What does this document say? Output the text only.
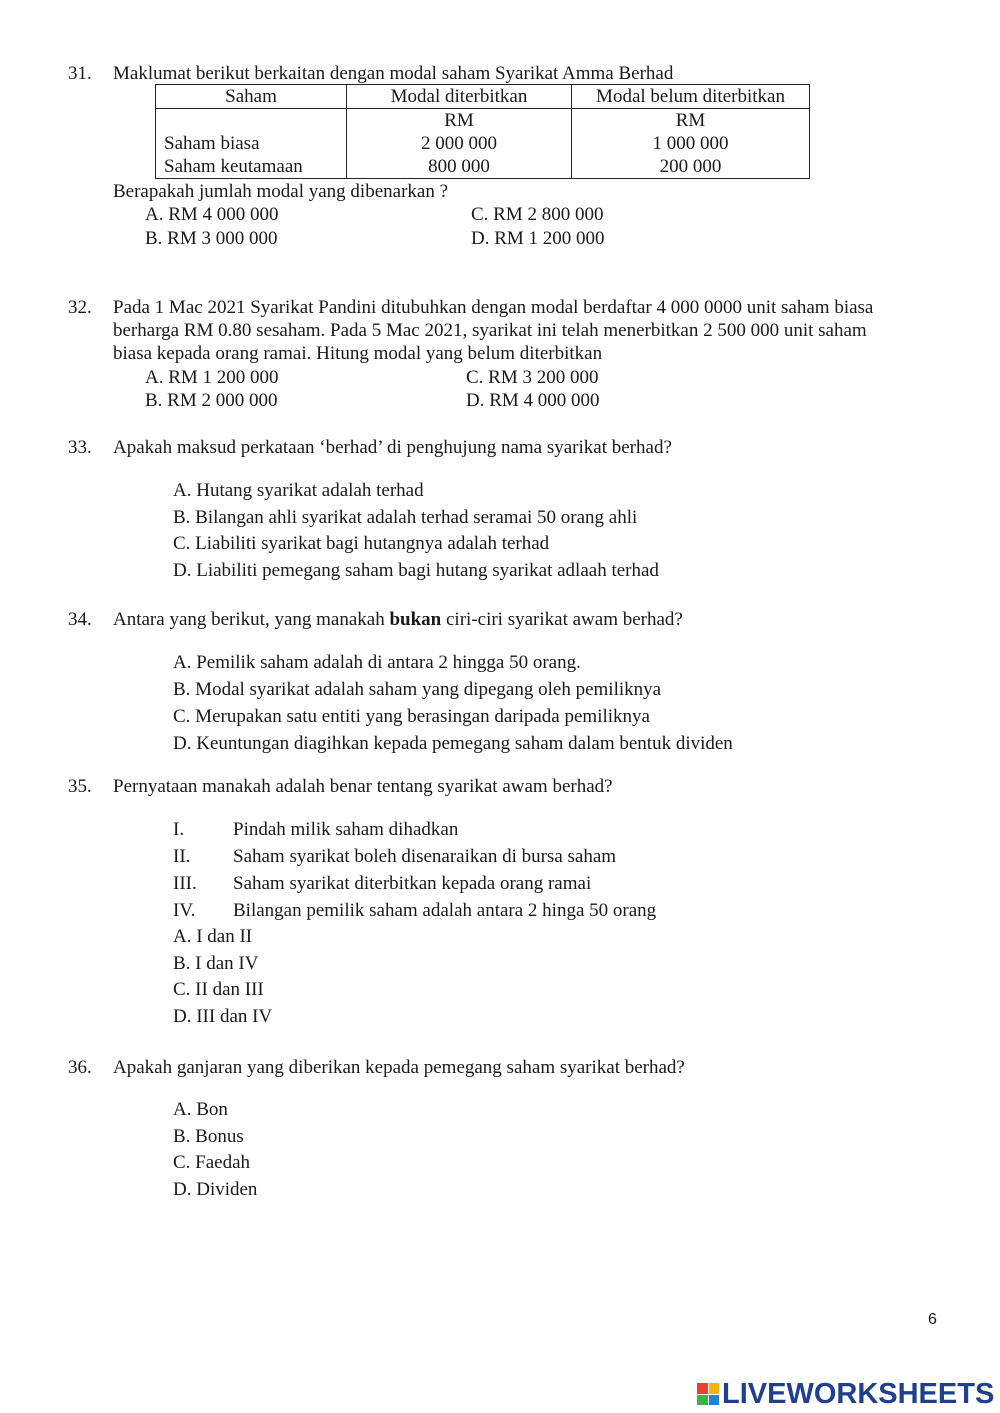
31. Maklumat berikut berkaitan dengan modal saham Syarikat Amma Berhad
Saham	Modal diterbitkan	Modal belum diterbitkan
	RM	RM
Saham biasa	2 000 000	1 000 000
Saham keutamaan	800 000	200 000
Berapakah jumlah modal yang dibenarkan ?
A. RM 4 000 000	C. RM 2 800 000
B. RM 3 000 000	D. RM 1 200 000
32. Pada 1 Mac 2021 Syarikat Pandini ditubuhkan dengan modal berdaftar 4 000 0000 unit saham biasa
berharga RM 0.80 sesaham. Pada 5 Mac 2021, syarikat ini telah menerbitkan 2 500 000 unit saham
biasa kepada orang ramai. Hitung modal yang belum diterbitkan
A. RM 1 200 000	C. RM 3 200 000
B. RM 2 000 000	D. RM 4 000 000
33. Apakah maksud perkataan ‘berhad’ di penghujung nama syarikat berhad?
A. Hutang syarikat adalah terhad
B. Bilangan ahli syarikat adalah terhad seramai 50 orang ahli
C. Liabiliti syarikat bagi hutangnya adalah terhad
D. Liabiliti pemegang saham bagi hutang syarikat adlaah terhad
34. Antara yang berikut, yang manakah bukan ciri-ciri syarikat awam berhad?
A. Pemilik saham adalah di antara 2 hingga 50 orang.
B. Modal syarikat adalah saham yang dipegang oleh pemiliknya
C. Merupakan satu entiti yang berasingan daripada pemiliknya
D. Keuntungan diagihkan kepada pemegang saham dalam bentuk dividen
35. Pernyataan manakah adalah benar tentang syarikat awam berhad?
I.	Pindah milik saham dihadkan
II. Saham syarikat boleh disenaraikan di bursa saham
III. Saham syarikat diterbitkan kepada orang ramai
IV. Bilangan pemilik saham adalah antara 2 hinga 50 orang
A. I dan II
B. I dan IV
C. II dan III
D. III dan IV
36. Apakah ganjaran yang diberikan kepada pemegang saham syarikat berhad?
A. Bon
B. Bonus
C. Faedah
D. Dividen
6
LIVEWORKSHEETS
